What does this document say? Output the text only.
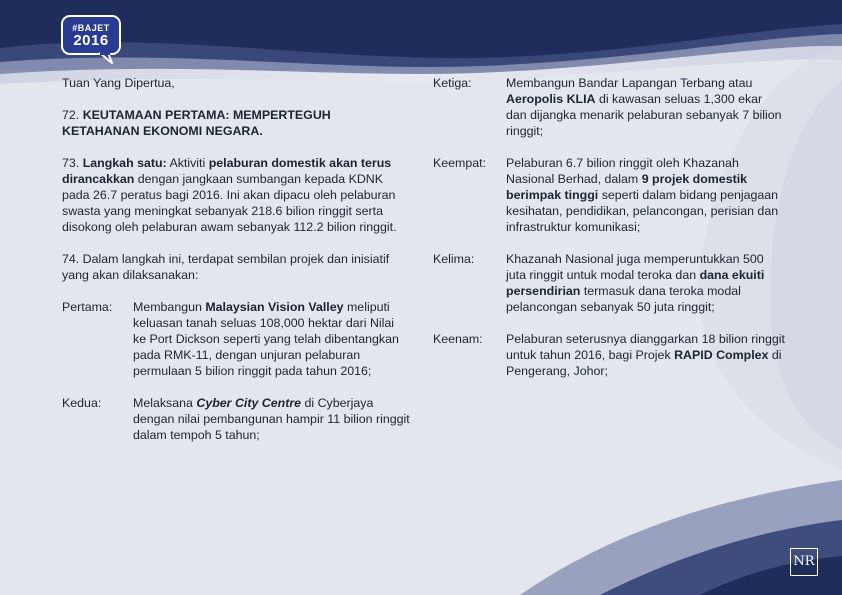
#BAJET
2016

Tuan Yang Dipertua,

72. KEUTAMAAN PERTAMA: MEMPERTEGUH KETAHANAN EKONOMI NEGARA.

73. Langkah satu: Aktiviti pelaburan domestik akan terus dirancakkan dengan jangkaan sumbangan kepada KDNK pada 26.7 peratus bagi 2016. Ini akan dipacu oleh pelaburan swasta yang meningkat sebanyak 218.6 bilion ringgit serta disokong oleh pelaburan awam sebanyak 112.2 bilion ringgit.

74. Dalam langkah ini, terdapat sembilan projek dan inisiatif yang akan dilaksanakan:

Pertama:	Membangun Malaysian Vision Valley meliputi keluasan tanah seluas 108,000 hektar dari Nilai ke Port Dickson seperti yang telah dibentangkan pada RMK-11, dengan unjuran pelaburan permulaan 5 bilion ringgit pada tahun 2016;
Kedua:	Melaksana Cyber City Centre di Cyberjaya dengan nilai pembangunan hampir 11 bilion ringgit dalam tempoh 5 tahun;
Ketiga:	Membangun Bandar Lapangan Terbang atau Aeropolis KLIA di kawasan seluas 1,300 ekar dan dijangka menarik pelaburan sebanyak 7 bilion ringgit;
Keempat:	Pelaburan 6.7 bilion ringgit oleh Khazanah Nasional Berhad, dalam 9 projek domestik berimpak tinggi seperti dalam bidang penjagaan kesihatan, pendidikan, pelancongan, perisian dan infrastruktur komunikasi;
Kelima:	Khazanah Nasional juga memperuntukkan 500 juta ringgit untuk modal teroka dan dana ekuiti persendirian termasuk dana teroka modal pelancongan sebanyak 50 juta ringgit;
Keenam:	Pelaburan seterusnya dianggarkan 18 bilion ringgit untuk tahun 2016, bagi Projek RAPID Complex di Pengerang, Johor;
NR
